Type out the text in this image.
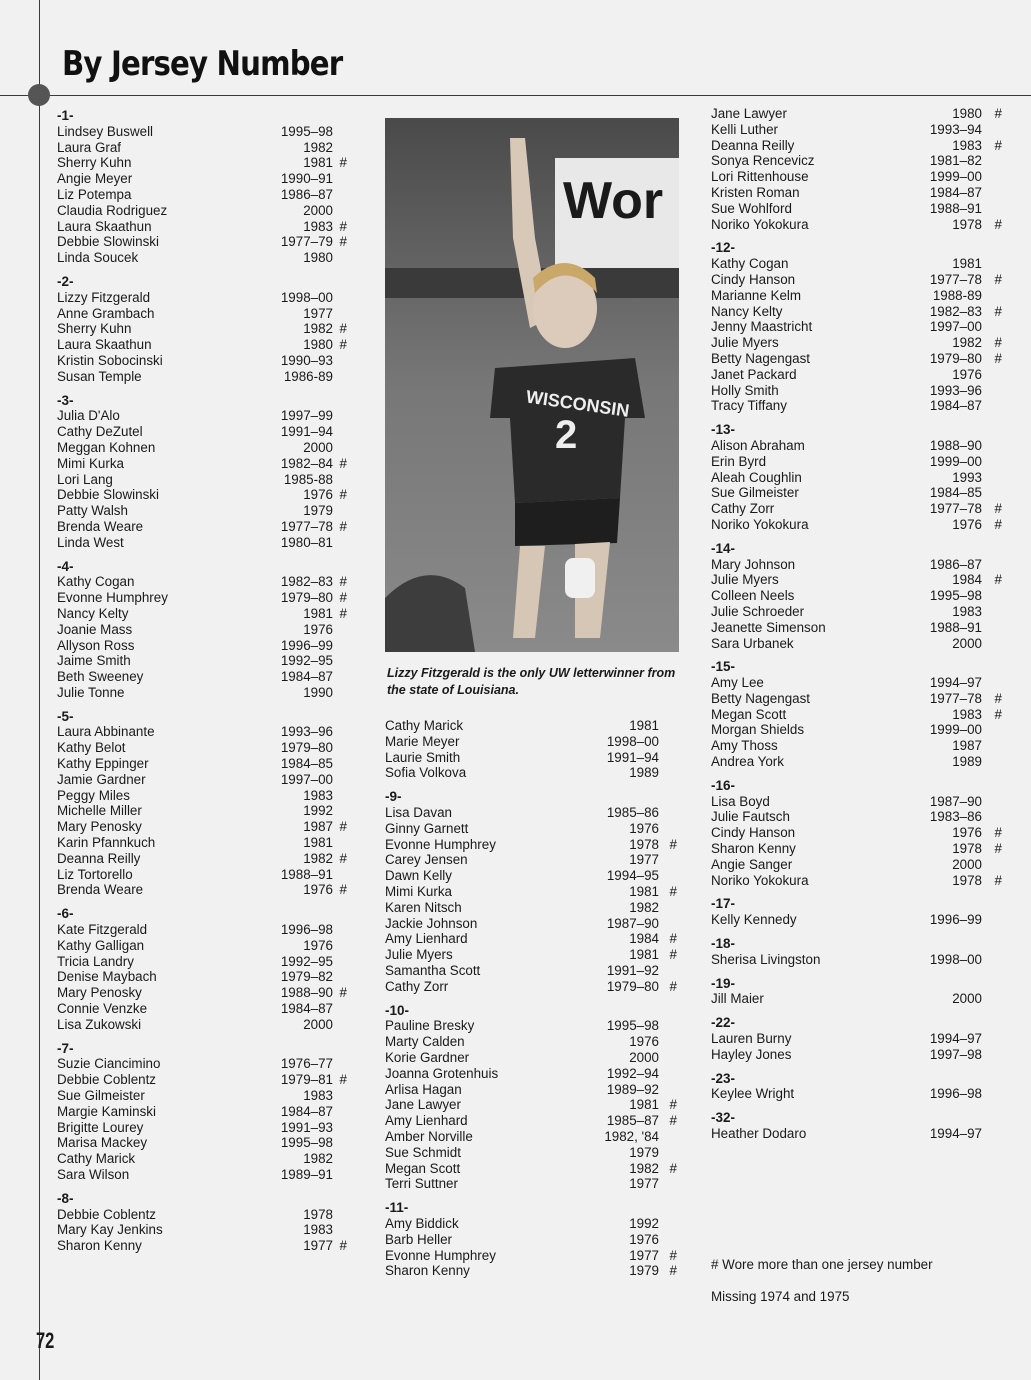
By Jersey Number
-1-
Lindsey Buswell	1995–98
Laura Graf	1982
Sherry Kuhn	1981 #
Angie Meyer	1990–91
Liz Potempa	1986–87
Claudia Rodriguez	2000
Laura Skaathun	1983 #
Debbie Slowinski	1977–79 #
Linda Soucek	1980
-2-
Lizzy Fitzgerald	1998–00
Anne Grambach	1977
Sherry Kuhn	1982 #
Laura Skaathun	1980 #
Kristin Sobocinski	1990–93
Susan Temple	1986-89
-3-
Julia D'Alo	1997–99
Cathy DeZutel	1991–94
Meggan Kohnen	2000
Mimi Kurka	1982–84 #
Lori Lang	1985-88
Debbie Slowinski	1976 #
Patty Walsh	1979
Brenda Weare	1977–78 #
Linda West	1980–81
-4-
Kathy Cogan	1982–83 #
Evonne Humphrey	1979–80 #
Nancy Kelty	1981 #
Joanie Mass	1976
Allyson Ross	1996–99
Jaime Smith	1992–95
Beth Sweeney	1984–87
Julie Tonne	1990
-5-
Laura Abbinante	1993–96
Kathy Belot	1979–80
Kathy Eppinger	1984–85
Jamie Gardner	1997–00
Peggy Miles	1983
Michelle Miller	1992
Mary Penosky	1987 #
Karin Pfannkuch	1981
Deanna Reilly	1982 #
Liz Tortorello	1988–91
Brenda Weare	1976 #
-6-
Kate Fitzgerald	1996–98
Kathy Galligan	1976
Tricia Landry	1992–95
Denise Maybach	1979–82
Mary Penosky	1988–90 #
Connie Venzke	1984–87
Lisa Zukowski	2000
-7-
Suzie Ciancimino	1976–77
Debbie Coblentz	1979–81 #
Sue Gilmeister	1983
Margie Kaminski	1984–87
Brigitte Lourey	1991–93
Marisa Mackey	1995–98
Cathy Marick	1982
Sara Wilson	1989–91
-8-
Debbie Coblentz	1978
Mary Kay Jenkins	1983
Sharon Kenny	1977 #
Wor
WISCONSIN
2
Lizzy Fitzgerald is the only UW letterwinner from the state of Louisiana.
Cathy Marick	1981
Marie Meyer	1998–00
Laurie Smith	1991–94
Sofia Volkova	1989
-9-
Lisa Davan	1985–86
Ginny Garnett	1976
Evonne Humphrey	1978 #
Carey Jensen	1977
Dawn Kelly	1994–95
Mimi Kurka	1981 #
Karen Nitsch	1982
Jackie Johnson	1987–90
Amy Lienhard	1984 #
Julie Myers	1981 #
Samantha Scott	1991–92
Cathy Zorr	1979–80 #
-10-
Pauline Bresky	1995–98
Marty Calden	1976
Korie Gardner	2000
Joanna Grotenhuis	1992–94
Arlisa Hagan	1989–92
Jane Lawyer	1981 #
Amy Lienhard	1985–87 #
Amber Norville	1982, '84
Sue Schmidt	1979
Megan Scott	1982 #
Terri Suttner	1977
-11-
Amy Biddick	1992
Barb Heller	1976
Evonne Humphrey	1977 #
Sharon Kenny	1979 #
Jane Lawyer	1980 #
Kelli Luther	1993–94
Deanna Reilly	1983 #
Sonya Rencevicz	1981–82
Lori Rittenhouse	1999–00
Kristen Roman	1984–87
Sue Wohlford	1988–91
Noriko Yokokura	1978 #
-12-
Kathy Cogan	1981
Cindy Hanson	1977–78 #
Marianne Kelm	1988-89
Nancy Kelty	1982–83 #
Jenny Maastricht	1997–00
Julie Myers	1982 #
Betty Nagengast	1979–80 #
Janet Packard	1976
Holly Smith	1993–96
Tracy Tiffany	1984–87
-13-
Alison Abraham	1988–90
Erin Byrd	1999–00
Aleah Coughlin	1993
Sue Gilmeister	1984–85
Cathy Zorr	1977–78 #
Noriko Yokokura	1976 #
-14-
Mary Johnson	1986–87
Julie Myers	1984 #
Colleen Neels	1995–98
Julie Schroeder	1983
Jeanette Simenson	1988–91
Sara Urbanek	2000
-15-
Amy Lee	1994–97
Betty Nagengast	1977–78 #
Megan Scott	1983 #
Morgan Shields	1999–00
Amy Thoss	1987
Andrea York	1989
-16-
Lisa Boyd	1987–90
Julie Fautsch	1983–86
Cindy Hanson	1976 #
Sharon Kenny	1978 #
Angie Sanger	2000
Noriko Yokokura	1978 #
-17-
Kelly Kennedy	1996–99
-18-
Sherisa Livingston	1998–00
-19-
Jill Maier	2000
-22-
Lauren Burny	1994–97
Hayley Jones	1997–98
-23-
Keylee Wright	1996–98
-32-
Heather Dodaro	1994–97
# Wore more than one jersey number
Missing 1974 and 1975
72
